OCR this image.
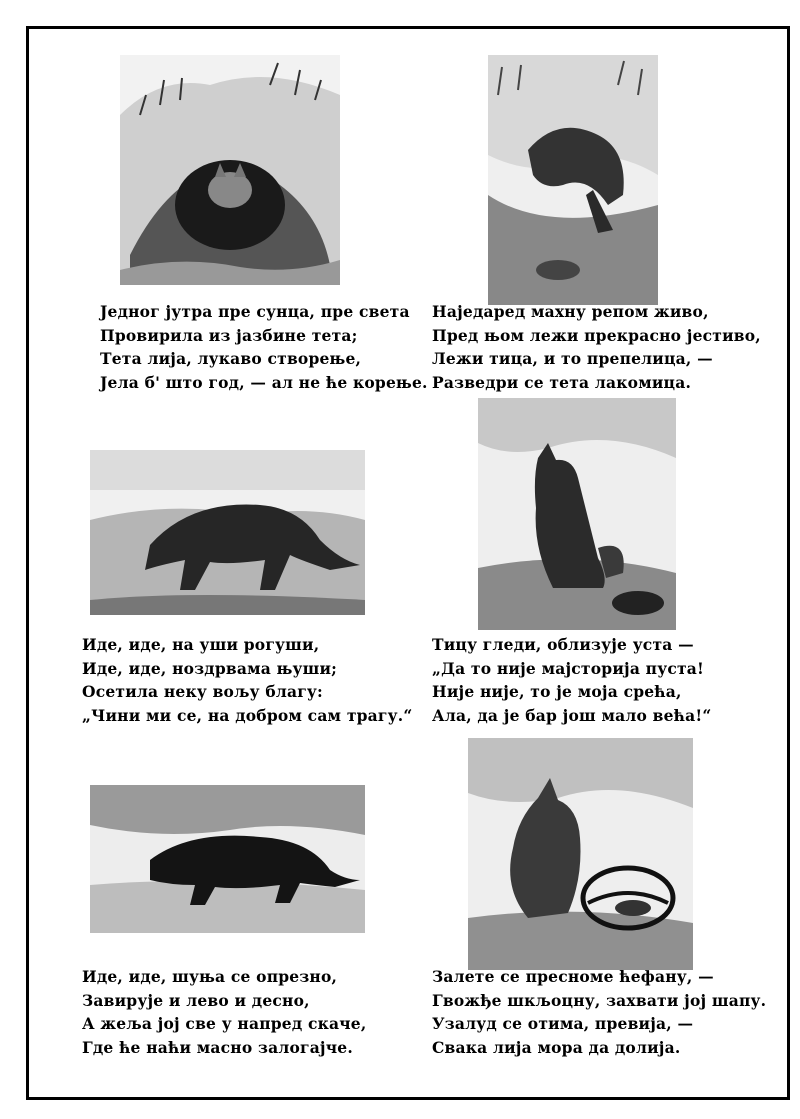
Једног јутра пре сунца, пре света
Провирила из јазбине тета;
Тета лија, лукаво створење,
Јела б' што год, — ал не ће корење.
Наједаред махну репом живо,
Пред њом лежи прекрасно јестиво,
Лежи тица, и то препелица, —
Разведри се тета лакомица.
Иде, иде, на уши рогуши,
Иде, иде, ноздрвама њуши;
Осетила неку вољу благу:
„Чини ми се, на добром сам трагу.“
Тицу гледи, облизује уста —
„Да то није мајсторија пуста!
Није није, то је моја срећа,
Ала, да је бар још мало већа!“
Иде, иде, шуња се опрезно,
Завирује и лево и десно,
А жеља јој све у напред скаче,
Где ће наћи масно залогајче.
Залете се пресноме ћефану, —
Гвожђе шкљоцну, захвати јој шапу.
Узалуд се отима, превија, —
Свака лија мора да долија.
